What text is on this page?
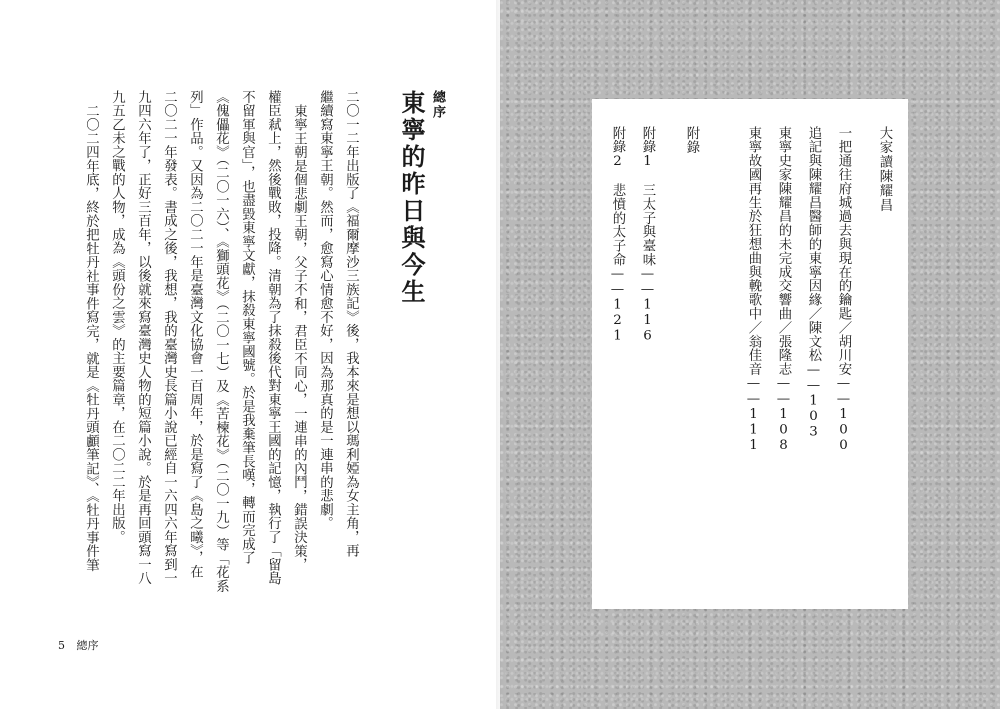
總序
東寧的昨日與今生
二〇一二年出版了《福爾摩沙三族記》後，我本來是想以瑪利婭為女主角，再
繼續寫東寧王朝。然而，愈寫心情愈不好，因為那真的是一連串的悲劇。
東寧王朝是個悲劇王朝，父子不和，君臣不同心，一連串的內鬥，錯誤決策，
權臣弒上，然後戰敗，投降。清朝為了抹殺後代對東寧王國的記憶，執行了「留島
不留軍與官」，也盡毀東寧文獻，抹殺東寧國號。於是我棄筆長嘆，轉而完成了
《傀儡花》（二〇一六）、《獅頭花》（二〇一七）及《苦楝花》（二〇一九）等「花系
列」作品。又因為二〇二一年是臺灣文化協會一百周年，於是寫了《島之曦》，在
二〇二一年發表。書成之後，我想，我的臺灣史長篇小說已經自一六四六年寫到一
九四六年了，正好三百年，以後就來寫臺灣史人物的短篇小說。於是再回頭寫一八
九五乙未之戰的人物，成為《頭份之雲》的主要篇章，在二〇二二年出版。
二〇二四年底，終於把牡丹社事件寫完，就是《牡丹頭顱筆記》、《牡丹事件筆
5 總序
大家讀陳耀昌
一把通往府城過去與現在的鑰匙／胡川安——100
追記與陳耀昌醫師的東寧因緣／陳文松——103
東寧史家陳耀昌的未完成交響曲／張隆志——108
東寧故國再生於狂想曲與輓歌中／翁佳音——111
附錄
附錄1　三太子與臺味——116
附錄2　悲憤的太子命——121
